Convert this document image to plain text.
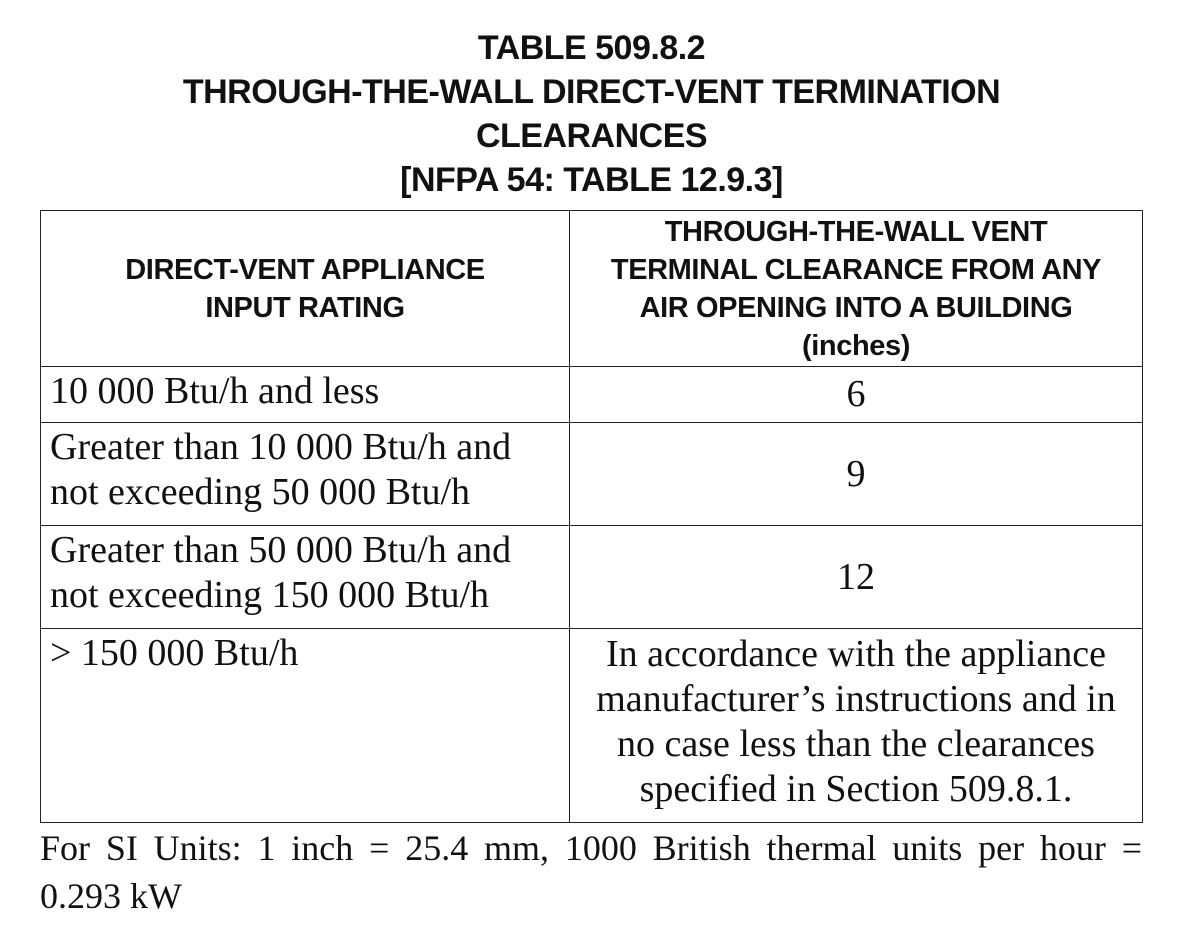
TABLE 509.8.2
THROUGH-THE-WALL DIRECT-VENT TERMINATION
CLEARANCES
[NFPA 54: TABLE 12.9.3]
DIRECT-VENT APPLIANCE
INPUT RATING	THROUGH-THE-WALL VENT
TERMINAL CLEARANCE FROM ANY
AIR OPENING INTO A BUILDING
(inches)

10 000 Btu/h and less	6

Greater than 10 000 Btu/h and
not exceeding 50 000 Btu/h	9

Greater than 50 000 Btu/h and
not exceeding 150 000 Btu/h	12

> 150 000 Btu/h	In accordance with the appliance
manufacturer’s instructions and in
no case less than the clearances
specified in Section 509.8.1.
For SI Units: 1 inch = 25.4 mm, 1000 British thermal units per hour =
0.293 kW
